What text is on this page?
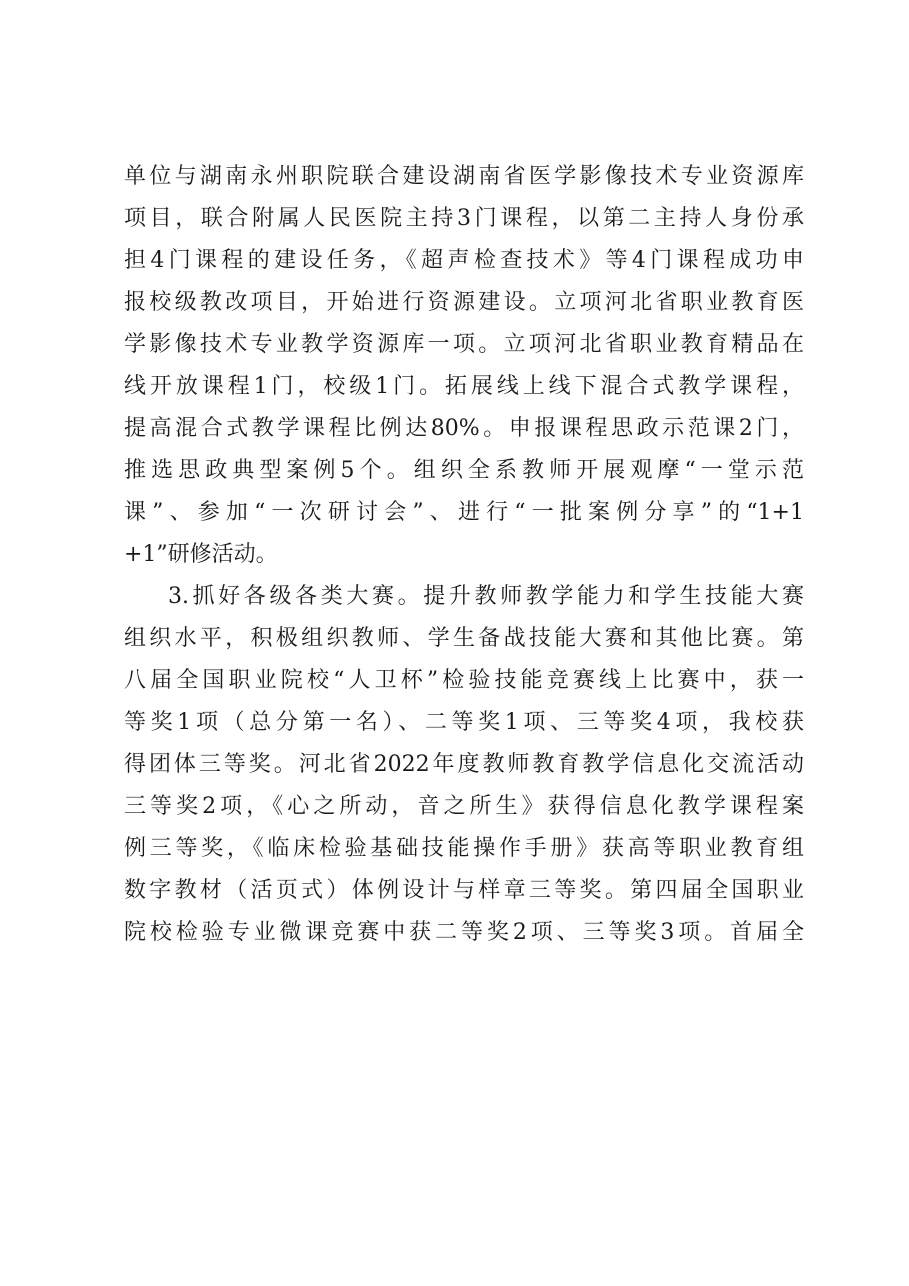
单位与湖南永州职院联合建设湖南省医学影像技术专业资源库
项目，联合附属人民医院主持3门课程，以第二主持人身份承
担4门课程的建设任务，《超声检查技术》等4门课程成功申
报校级教改项目，开始进行资源建设。立项河北省职业教育医
学影像技术专业教学资源库一项。立项河北省职业教育精品在
线开放课程1门，校级1门。拓展线上线下混合式教学课程，
提高混合式教学课程比例达80%。申报课程思政示范课2门，
推选思政典型案例5个。组织全系教师开展观摩“一堂示范
课”、参加“一次研讨会”、进行“一批案例分享”的“1+1
+1”研修活动。
3.抓好各级各类大赛。提升教师教学能力和学生技能大赛
组织水平，积极组织教师、学生备战技能大赛和其他比赛。第
八届全国职业院校“人卫杯”检验技能竞赛线上比赛中，获一
等奖1项（总分第一名）、二等奖1项、三等奖4项，我校获
得团体三等奖。河北省2022年度教师教育教学信息化交流活动
三等奖2项，《心之所动，音之所生》获得信息化教学课程案
例三等奖，《临床检验基础技能操作手册》获高等职业教育组
数字教材（活页式）体例设计与样章三等奖。第四届全国职业
院校检验专业微课竞赛中获二等奖2项、三等奖3项。首届全
